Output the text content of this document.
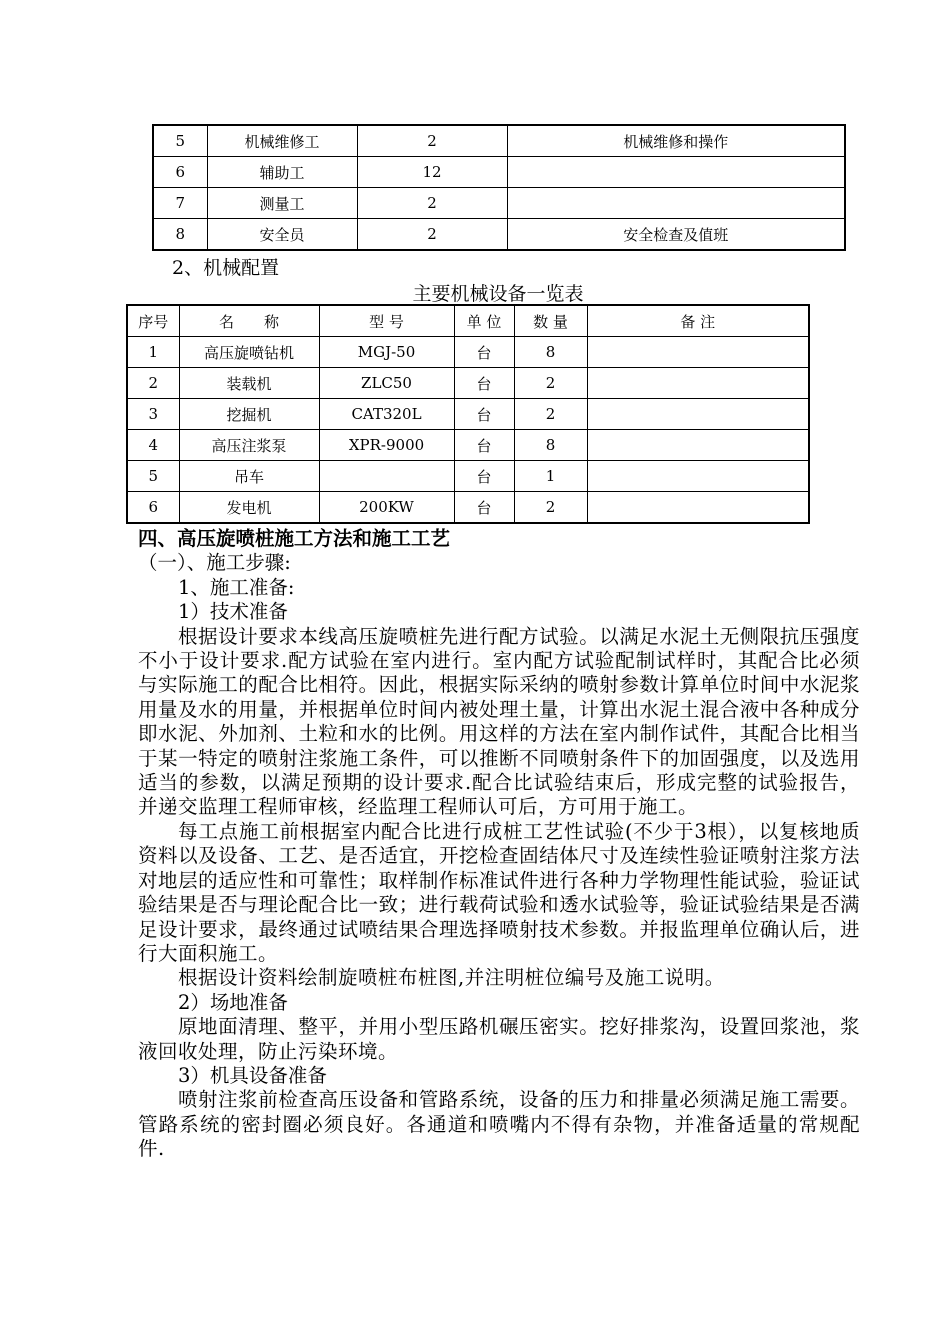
5	机械维修工	2	机械维修和操作
6	辅助工	12	
7	测量工	2	
8	安全员	2	安全检查及值班
2、机械配置
主要机械设备一览表
序号	名　　称	型 号	单 位	数 量	备 注
1	高压旋喷钻机	MGJ-50	台	8	
2	装载机	ZLC50	台	2	
3	挖掘机	CAT320L	台	2	
4	高压注浆泵	XPR-9000	台	8	
5	吊车		台	1	
6	发电机	200KW	台	2	

四、高压旋喷桩施工方法和施工工艺

（一）、施工步骤:

1、施工准备:

1）技术准备

根据设计要求本线高压旋喷桩先进行配方试验。以满足水泥土无侧限抗压强度不小于设计要求.配方试验在室内进行。室内配方试验配制试样时，其配合比必须与实际施工的配合比相符。因此，根据实际采纳的喷射参数计算单位时间中水泥浆用量及水的用量，并根据单位时间内被处理土量，计算出水泥土混合液中各种成分即水泥、外加剂、土粒和水的比例。用这样的方法在室内制作试件，其配合比相当于某一特定的喷射注浆施工条件，可以推断不同喷射条件下的加固强度，以及选用适当的参数，以满足预期的设计要求.配合比试验结束后，形成完整的试验报告，并递交监理工程师审核，经监理工程师认可后，方可用于施工。

每工点施工前根据室内配合比进行成桩工艺性试验(不少于3根），以复核地质资料以及设备、工艺、是否适宜，开挖检查固结体尺寸及连续性验证喷射注浆方法对地层的适应性和可靠性；取样制作标准试件进行各种力学物理性能试验，验证试验结果是否与理论配合比一致；进行载荷试验和透水试验等，验证试验结果是否满足设计要求，最终通过试喷结果合理选择喷射技术参数。并报监理单位确认后，进行大面积施工。

根据设计资料绘制旋喷桩布桩图,并注明桩位编号及施工说明。

2）场地准备

原地面清理、整平，并用小型压路机碾压密实。挖好排浆沟，设置回浆池，浆液回收处理，防止污染环境。

3）机具设备准备

喷射注浆前检查高压设备和管路系统，设备的压力和排量必须满足施工需要。管路系统的密封圈必须良好。各通道和喷嘴内不得有杂物，并准备适量的常规配件.
